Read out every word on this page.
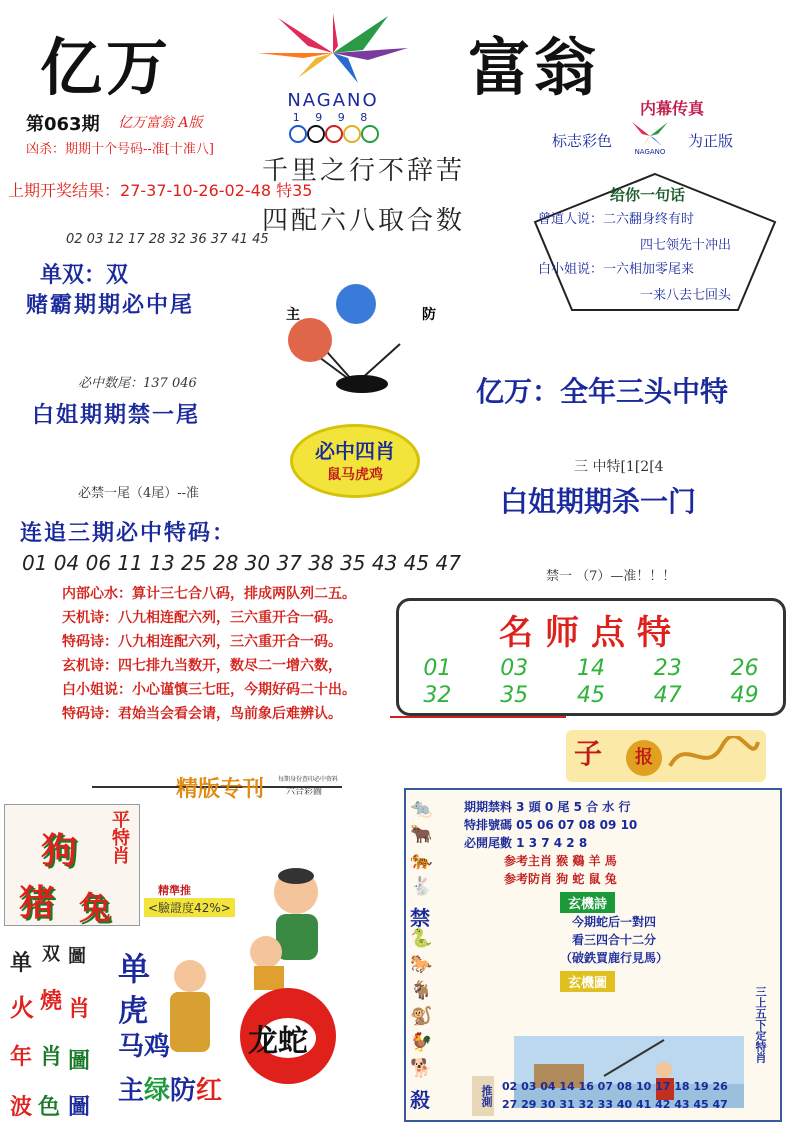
亿万	富翁
NAGANO
1 9 9 8
第063期 亿万富翁 A版
凶杀：期期十个号码--准[十准八]
上期开奖结果：27-37-10-26-02-48 特35
千里之行不辞苦
四配六八取合数
内幕传真
标志彩色
NAGANO
为正版
给你一句话
曾道人说：二六翻身终有时
四七领先十冲出
白小姐说：一六相加零尾来
一来八去七回头
02 03 12 17 28 32 36 37 41 45
单双：双
赌霸期期必中尾
必中数尾：137 046
白姐期期禁一尾
必禁一尾（4尾）--准
主	防
亿万：全年三头中特
三 中特[1[2[4
白姐期期杀一门
禁一 （7）—准！！！
必中四肖
鼠马虎鸡
连追三期必中特码：
01 04 06 11 13 25 28 30 37 38 35 43 45 47
内部心水：算计三七合八码，排成两队列二五。
天机诗：八九相连配六列，三六重开合一码。
特码诗：八九相连配六列，三六重开合一码。
玄机诗：四七排九当数开，数尽二一增六数，
白小姐说：小心谨慎三七旺，今期好码二十出。
特码诗：君始当会看会请，鸟前象后难辨认。
名师点特
01 03 14 23 26
32 35 45 47 49
精版专刊 每期身份查印必中资料
六合彩圖
狗
猪 兔
平特肖
精準推
<驗證度42%>
单 双 圖
火 燒 肖
年 肖 圖
波 色 圖
单
虎
马鸡
主绿防红
龙蛇
子	报
🐀
🐂
🐅
🐇
禁
🐍
🐎
🐐
🐒
🐓
🐕
殺
期期禁料 3 頭 0 尾 5 合 水 行
特排號碼 05 06 07 08 09 10
必開尾數 1 3 7 4 2 8
参考主肖 猴 鷄 羊 馬
参考防肖 狗 蛇 鼠 兔
玄機詩
今期蛇后一對四
看三四合十二分
（破鉄買鹿行見馬）
玄機圖
三上五下定特肖
推測 02 03 04 14 16 07 08 10 17 18 19 26
27 29 30 31 32 33 40 41 42 43 45 47
